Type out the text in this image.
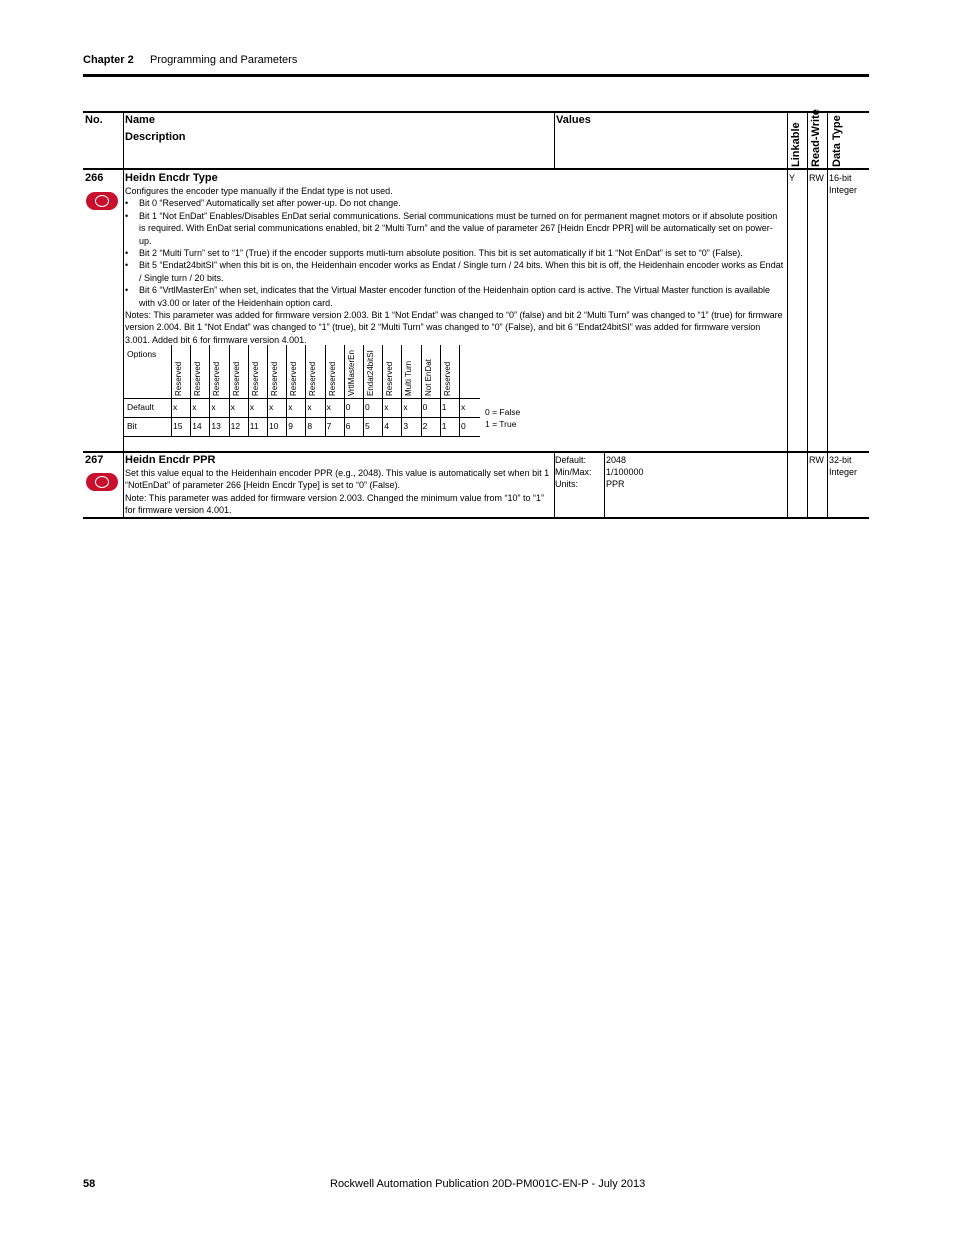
Chapter 2 Programming and Parameters
No. Name
Description
Values
Linkable Read-Write Data Type
266 Heidn Encdr Type
Configures the encoder type manually if the Endat type is not used.
• Bit 0 “Reserved” Automatically set after power-up. Do not change.
• Bit 1 “Not EnDat” Enables/Disables EnDat serial communications. Serial communications must be turned on for permanent magnet motors or if absolute position is required. With EnDat serial communications enabled, bit 2 “Multi Turn” and the value of parameter 267 [Heidn Encdr PPR] will be automatically set on power-up.
• Bit 2 “Multi Turn” set to “1” (True) if the encoder supports mutli-turn absolute position. This bit is set automatically if bit 1 “Not EnDat” is set to “0” (False).
• Bit 5 “Endat24bitSI” when this bit is on, the Heidenhain encoder works as Endat / Single turn / 24 bits. When this bit is off, the Heidenhain encoder works as Endat / Single turn / 20 bits.
• Bit 6 “VrtlMasterEn” when set, indicates that the Virtual Master encoder function of the Heidenhain option card is active. The Virtual Master function is available with v3.00 or later of the Heidenhain option card.
Notes: This parameter was added for firmware version 2.003. Bit 1 “Not Endat” was changed to “0” (false) and bit 2 “Multi Turn” was changed to “1” (true) for firmware version 2.004. Bit 1 “Not Endat” was changed to “1” (true), bit 2 “Multi Turn” was changed to “0” (False), and bit 6 “Endat24bitSI” was added for firmware version 3.001. Added bit 6 for firmware version 4.001.
Y RW 16-bit
Integer
Options
Default
Bit
Reserved
x
15
Reserved
x
14
Reserved
x
13
Reserved
x
12
Reserved
x
11
Reserved
x
10
Reserved
x
9
Reserved
x
8
Reserved
x
7
VrtlMasterEn
0
6
Endat24bitSI
0
5
Reserved
x
4
Multi Turn
x
3
Not EnDat
0
2
Reserved
1
1
x
0
0 = False
1 = True
267 Heidn Encdr PPR
Set this value equal to the Heidenhain encoder PPR (e.g., 2048). This value is automatically set when bit 1 “NotEnDat” of parameter 266 [Heidn Encdr Type] is set to “0” (False).
Note: This parameter was added for firmware version 2.003. Changed the minimum value from “10” to “1” for firmware version 4.001.
Default:
Min/Max:
Units:
2048
1/100000
PPR
RW 32-bit
Integer
58	Rockwell Automation Publication 20D-PM001C-EN-P - July 2013
